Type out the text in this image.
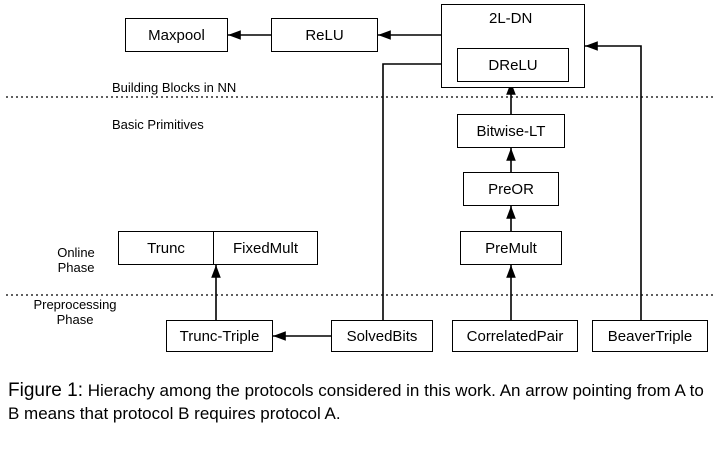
Building Blocks in NN
Basic Primitives
Online
Phase
Preprocessing
Phase
2L-DN
DReLU
Maxpool	ReLU
Bitwise-LT
PreOR
PreMult
Trunc	FixedMult
Trunc-Triple	SolvedBits	CorrelatedPair	BeaverTriple
Figure 1: Hierachy among the protocols considered in this work. An arrow pointing from A to B means that protocol B requires protocol A.
